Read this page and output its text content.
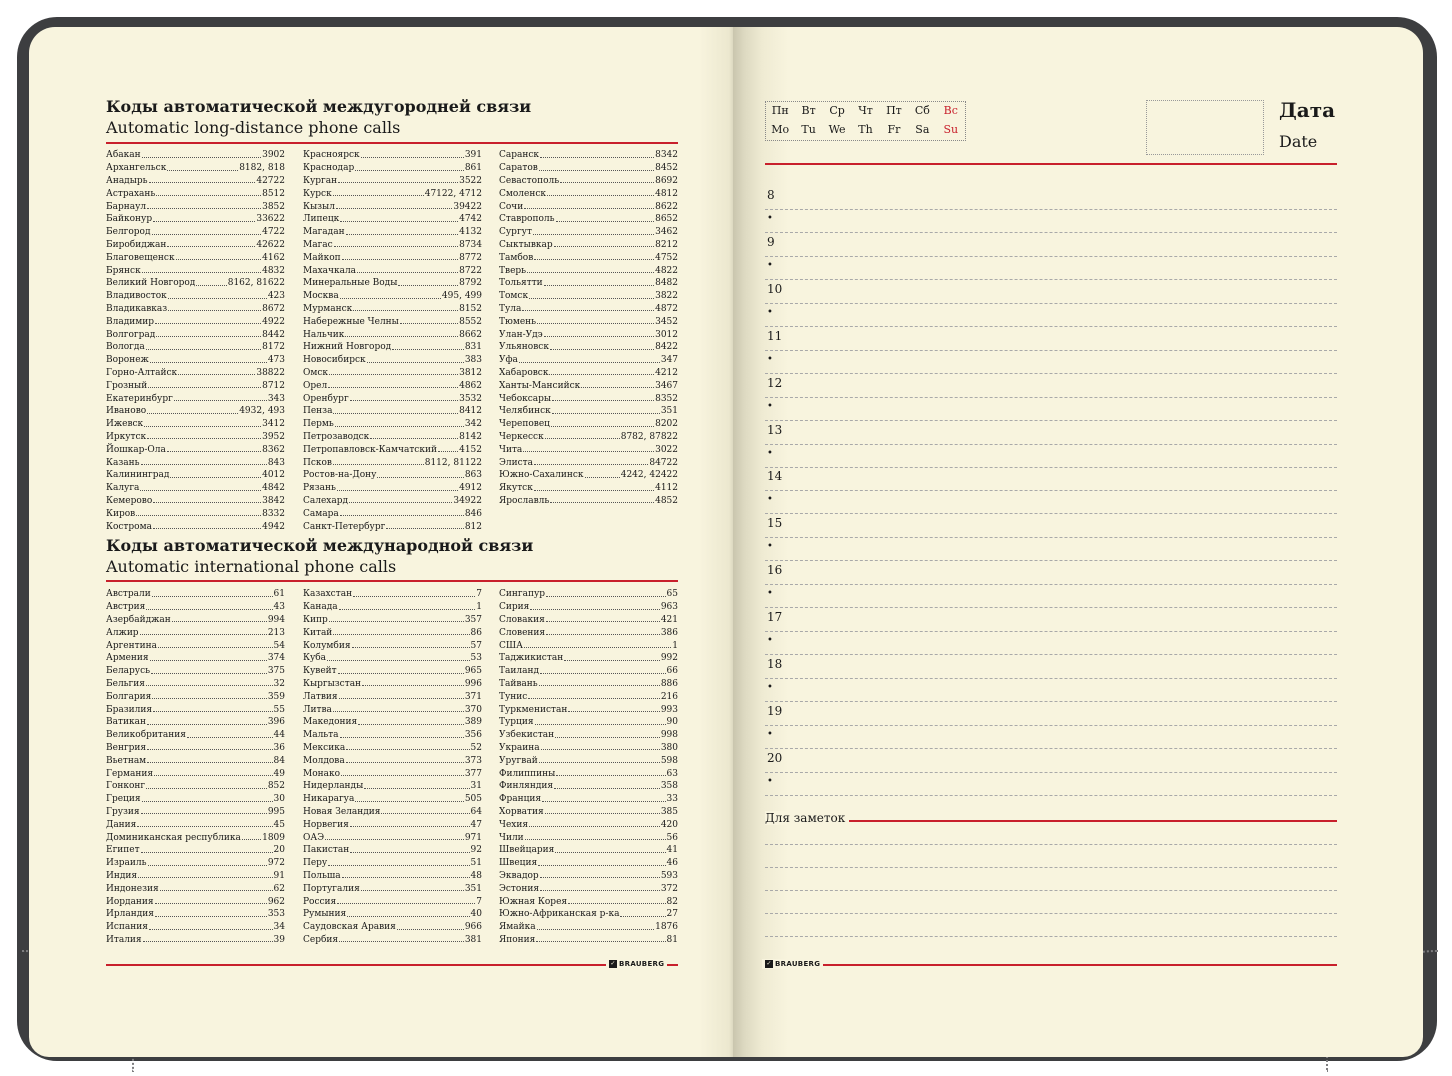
Коды автоматической междугородней связи
Automatic long-distance phone calls
Абакан	3902
Архангельск	8182, 818
Анадырь	42722
Астрахань	8512
Барнаул	3852
Байконур	33622
Белгород	4722
Биробиджан	42622
Благовещенск	4162
Брянск	4832
Великий Новгород	8162, 81622
Владивосток	423
Владикавказ	8672
Владимир	4922
Волгоград	8442
Вологда	8172
Воронеж	473
Горно-Алтайск	38822
Грозный	8712
Екатеринбург	343
Иваново	4932, 493
Ижевск	3412
Иркутск	3952
Йошкар-Ола	8362
Казань	843
Калининград	4012
Калуга	4842
Кемерово	3842
Киров	8332
Кострома	4942
Красноярск	391
Краснодар	861
Курган	3522
Курск	47122, 4712
Кызыл	39422
Липецк	4742
Магадан	4132
Магас	8734
Майкоп	8772
Махачкала	8722
Минеральные Воды	8792
Москва	495, 499
Мурманск	8152
Набережные Челны	8552
Нальчик	8662
Нижний Новгород	831
Новосибирск	383
Омск	3812
Орел	4862
Оренбург	3532
Пенза	8412
Пермь	342
Петрозаводск	8142
Петропавловск-Камчатский 4152
Псков	8112, 81122
Ростов-на-Дону	863
Рязань	4912
Салехард	34922
Самара	846
Санкт-Петербург	812
Саранск	8342
Саратов	8452
Севастополь	8692
Смоленск	4812
Сочи	8622
Ставрополь	8652
Сургут	3462
Сыктывкар	8212
Тамбов	4752
Тверь	4822
Тольятти	8482
Томск	3822
Тула	4872
Тюмень	3452
Улан-Удэ	3012
Ульяновск	8422
Уфа	347
Хабаровск	4212
Ханты-Мансийск	3467
Чебоксары	8352
Челябинск	351
Череповец	8202
Черкесск	8782, 87822
Чита	3022
Элиста	84722
Южно-Сахалинск	4242, 42422
Якутск	4112
Ярославль	4852
Коды автоматической международной связи
Automatic international phone calls
Австрали	61
Австрия	43
Азербайджан	994
Алжир	213
Аргентина	54
Армения	374
Беларусь	375
Бельгия	32
Болгария	359
Бразилия	55
Ватикан	396
Великобритания	44
Венгрия	36
Вьетнам	84
Германия	49
Гонконг	852
Греция	30
Грузия	995
Дания	45
Доминиканская республика 1809
Египет	20
Израиль	972
Индия	91
Индонезия	62
Иордания	962
Ирландия	353
Испания	34
Италия	39
Казахстан	7
Канада	1
Кипр	357
Китай	86
Колумбия	57
Куба	53
Кувейт	965
Кыргызстан	996
Латвия	371
Литва	370
Македония	389
Мальта	356
Мексика	52
Молдова	373
Монако	377
Нидерланды	31
Никарагуа	505
Новая Зеландия	64
Норвегия	47
ОАЭ	971
Пакистан	92
Перу	51
Польша	48
Португалия	351
Россия	7
Румыния	40
Саудовская Аравия	966
Сербия	381
Сингапур	65
Сирия	963
Словакия	421
Словения	386
США	1
Таджикистан	992
Таиланд	66
Тайвань	886
Тунис	216
Туркменистан	993
Турция	90
Узбекистан	998
Украина	380
Уругвай	598
Филиппины	63
Финляндия	358
Франция	33
Хорватия	385
Чехия	420
Чили	56
Швейцария	41
Швеция	46
Эквадор	593
Эстония	372
Южная Корея	82
Южно-Африканская р-ка	27
Ямайка	1876
Япония	81
✓ BRAUBERG
Пн	Вт	Ср	Чт	Пт	Сб	Вс
Mo	Tu	We	Th	Fr	Sa	Su
Дата
Date
8
•
9
•
10
•
11
•
12
•
13
•
14
•
15
•
16
•
17
•
18
•
19
•
20
•
Для заметок
✓ BRAUBERG
